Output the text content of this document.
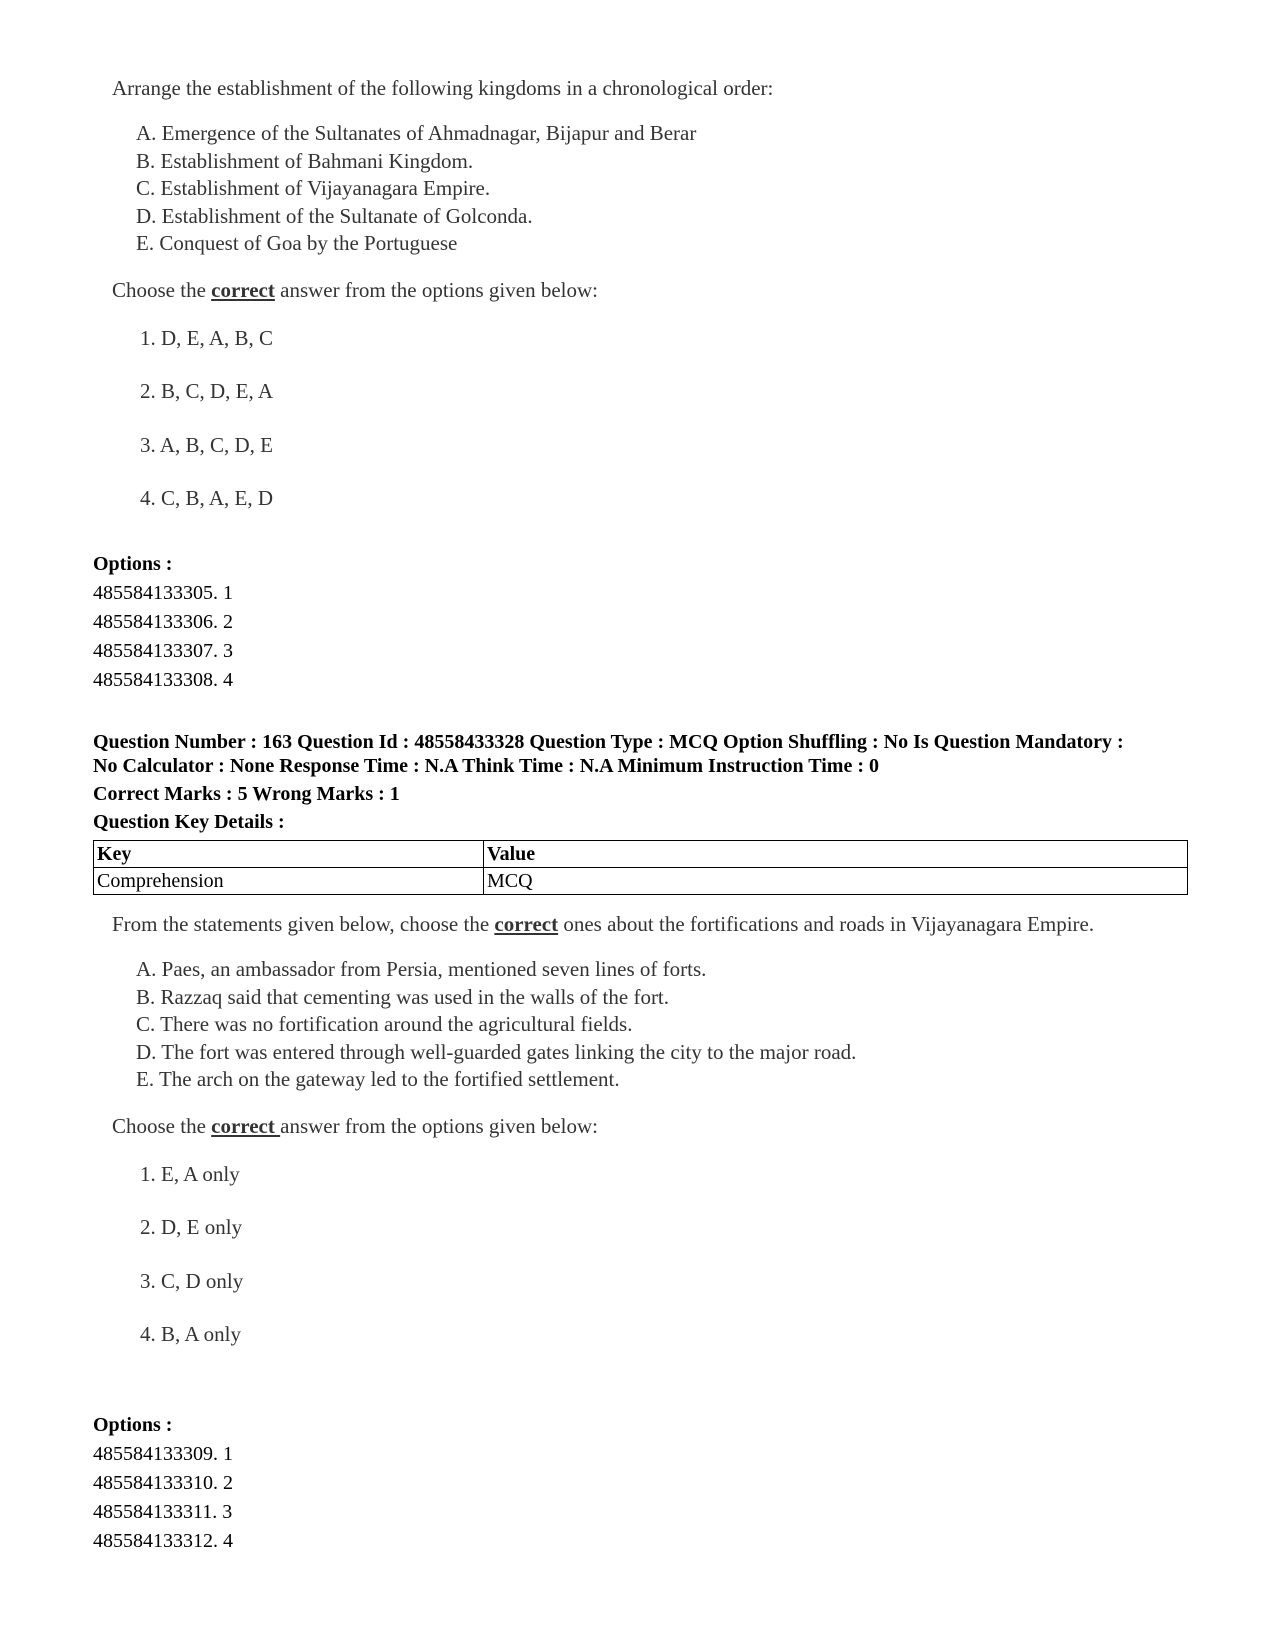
Arrange the establishment of the following kingdoms in a chronological order:

A. Emergence of the Sultanates of Ahmadnagar, Bijapur and Berar
B. Establishment of Bahmani Kingdom.
C. Establishment of Vijayanagara Empire.
D. Establishment of the Sultanate of Golconda.
E. Conquest of Goa by the Portuguese
Choose the correct answer from the options given below:
1. D, E, A, B, C
2. B, C, D, E, A
3. A, B, C, D, E
4. C, B, A, E, D
Options :
485584133305. 1
485584133306. 2
485584133307. 3
485584133308. 4
Question Number : 163 Question Id : 48558433328 Question Type : MCQ Option Shuffling : No Is Question Mandatory :
No Calculator : None Response Time : N.A Think Time : N.A Minimum Instruction Time : 0
Correct Marks : 5 Wrong Marks : 1
Question Key Details :
Key	Value
Comprehension	MCQ

From the statements given below, choose the correct ones about the fortifications and roads in Vijayanagara Empire.

A. Paes, an ambassador from Persia, mentioned seven lines of forts.
B. Razzaq said that cementing was used in the walls of the fort.
C. There was no fortification around the agricultural fields.
D. The fort was entered through well-guarded gates linking the city to the major road.
E. The arch on the gateway led to the fortified settlement.
Choose the correct answer from the options given below:
1. E, A only
2. D, E only
3. C, D only
4. B, A only
Options :
485584133309. 1
485584133310. 2
485584133311. 3
485584133312. 4
